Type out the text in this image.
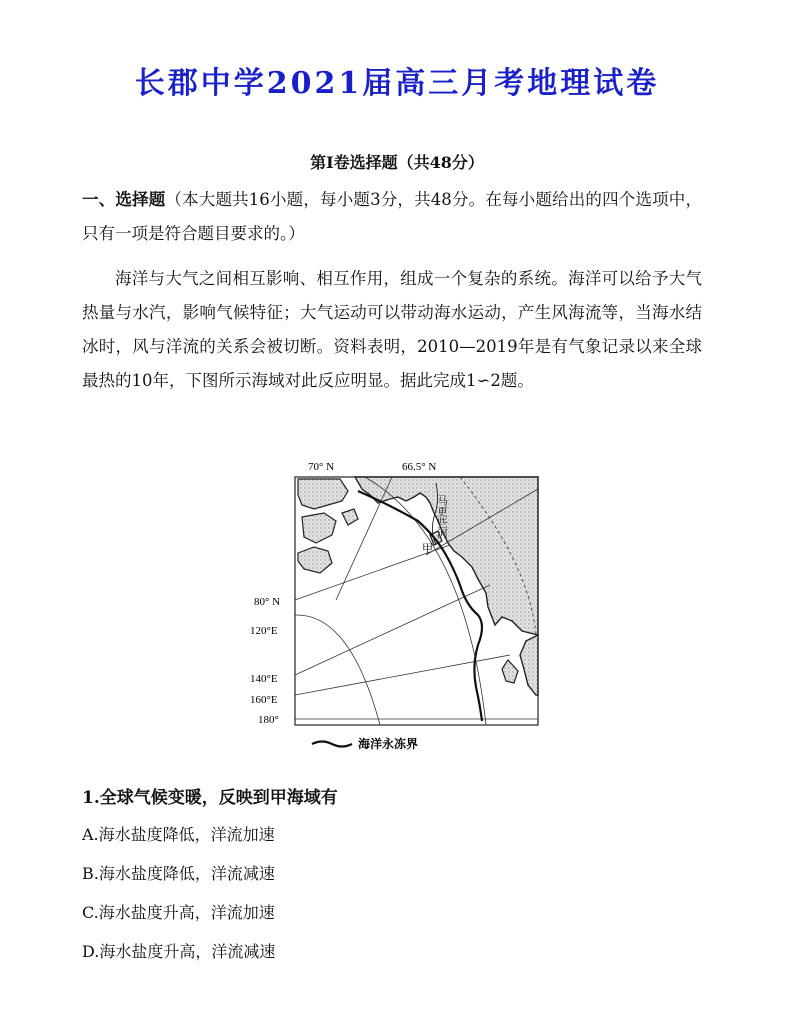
长郡中学2021届高三月考地理试卷
第Ⅰ卷选择题（共48分）
一、选择题（本大题共16小题，每小题3分，共48分。在每小题给出的四个选项中，只有一项是符合题目要求的。）
海洋与大气之间相互影响、相互作用，组成一个复杂的系统。海洋可以给予大气热量与水汽，影响气候特征；大气运动可以带动海水运动，产生风海流等，当海水结冰时，风与洋流的关系会被切断。资料表明，2010—2019年是有气象记录以来全球最热的10年，下图所示海域对此反应明显。据此完成1∽2题。
70° N	66.5° N
80° N
120°E
140°E
160°E
180°
马更些河
甲
海洋永冻界
1.全球气候变暖，反映到甲海域有
A.海水盐度降低，洋流加速
B.海水盐度降低，洋流减速
C.海水盐度升高，洋流加速
D.海水盐度升高，洋流减速
